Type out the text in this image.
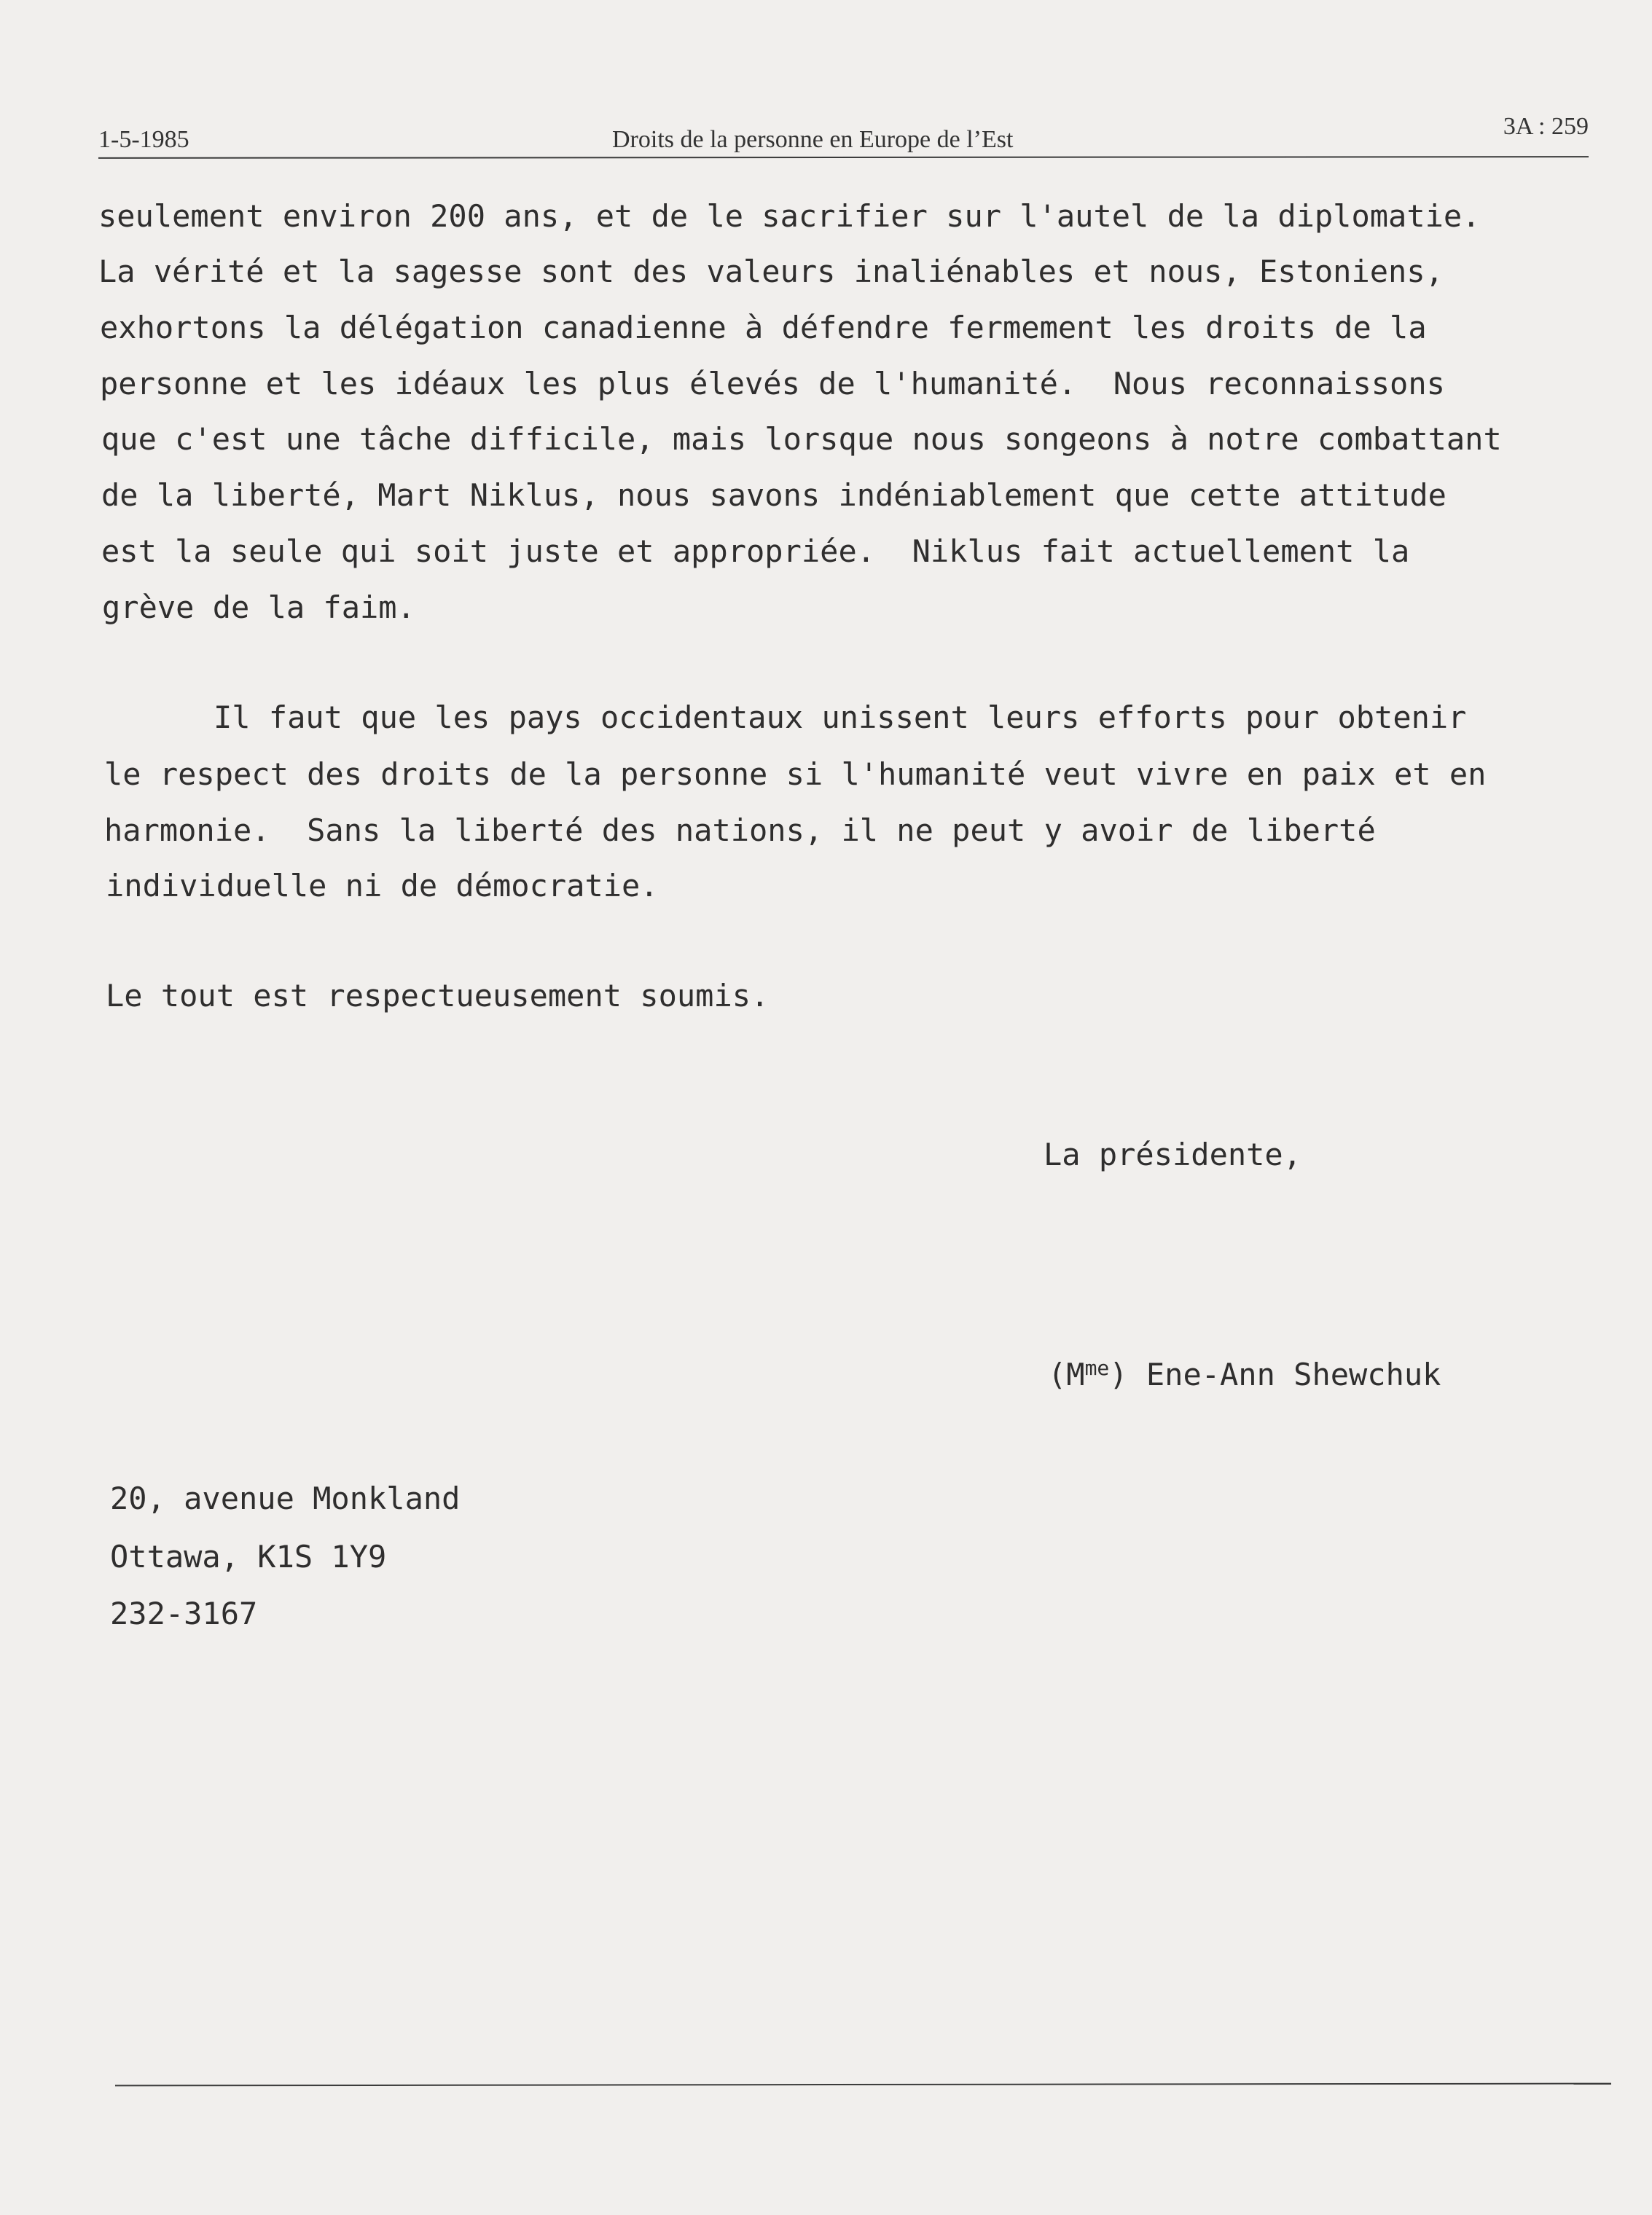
1-5-1985	Droits de la personne en Europe de l’Est	3A : 259

seulement environ 200 ans, et de le sacrifier sur l'autel de la diplomatie.

La vérité et la sagesse sont des valeurs inaliénables et nous, Estoniens,

exhortons la délégation canadienne à défendre fermement les droits de la

personne et les idéaux les plus élevés de l'humanité.  Nous reconnaissons

que c'est une tâche difficile, mais lorsque nous songeons à notre combattant

de la liberté, Mart Niklus, nous savons indéniablement que cette attitude

est la seule qui soit juste et appropriée.  Niklus fait actuellement la

grève de la faim.

Il faut que les pays occidentaux unissent leurs efforts pour obtenir

le respect des droits de la personne si l'humanité veut vivre en paix et en

harmonie.  Sans la liberté des nations, il ne peut y avoir de liberté

individuelle ni de démocratie.

Le tout est respectueusement soumis.

La présidente,

$(M^{me})$ Ene-Ann Shewchuk

20, avenue Monkland

Ottawa, K1S 1Y9

232-3167
